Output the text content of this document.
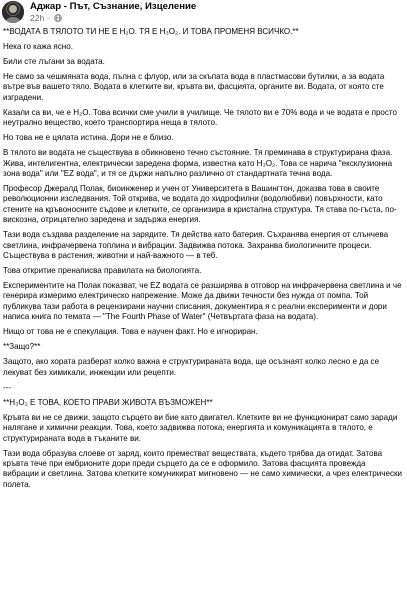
Аджар - Път, Съзнание, Изцеление
22h ·

**ВОДАТА В ТЯЛОТО ТИ НЕ Е H₂O. ТЯ Е H₃O₂. И ТОВА ПРОМЕНЯ ВСИЧКО.**

Нека го кажа ясно.

Били сте лъгани за водата.

Не само за чешмяната вода, пълна с флуор, или за скъпата вода в пластмасови бутилки, а за водата вътре във вашето тяло. Водата в клетките ви, кръвта ви, фасцията, органите ви. Водата, от която сте изградени.

Казали са ви, че е H₂O. Това всички сме учили в училище. Че тялото ви е 70% вода и че водата е просто неутрално вещество, което транспортира неща в тялото.

Но това не е цялата истина. Дори не е близо.

В тялото ви водата не съществува в обикновено течно състояние. Тя преминава в структурирана фаза. Жива, интелигентна, електрически заредена форма, известна като H₃O₂. Това се нарича "ексклузионна зона вода" или "EZ вода", и тя се държи напълно различно от стандартната течна вода.

Професор Джералд Полак, биоинженер и учен от Университета в Вашингтон, доказва това в своите революционни изследвания. Той открива, че водата до хидрофилни (водолюбиви) повърхности, като стените на кръвоносните съдове и клетките, се организира в кристална структура. Тя става по-гъста, по-вискозна, отрицателно заредена и задържа енергия.

Тази вода създава разделение на зарядите. Тя действа като батерия. Съхранява енергия от слънчева светлина, инфрачервена топлина и вибрации. Задвижва потока. Захранва биологичните процеси. Съществува в растения, животни и най-важното — в теб.

Това откритие пренаписва правилата на биологията.

Експериментите на Полак показват, че EZ водата се разширява в отговор на инфрачервена светлина и че генерира измеримо електрическо напрежение. Може да движи течности без нужда от помпа. Той публикува тази работа в рецензирани научни списания, документира я с реални експерименти и дори написа книга по темата — "The Fourth Phase of Water" (Четвъртата фаза на водата).

Нищо от това не е спекулация. Това е научен факт. Но е игнориран.

**Защо?**

Защото, ако хората разберат колко важна е структурираната вода, ще осъзнаят колко лесно е да се лекуват без химикали, инжекции или рецепти.

---

**H₃O₂ Е ТОВА, КОЕТО ПРАВИ ЖИВОТА ВЪЗМОЖЕН**

Кръвта ви не се движи, защото сърцето ви бие като двигател. Клетките ви не функционират само заради налягане и химични реакции. Това, което задвижва потока, енергията и комуникацията в тялото, е структурираната вода в тъканите ви.

Тази вода образува слоеве от заряд, които преместват веществата, където трябва да отидат. Затова кръвта тече при ембрионите дори преди сърцето да се е оформило. Затова фасцията провежда вибрации и светлина. Затова клетките комуникират мигновено — не само химически, а чрез електрически полета.
